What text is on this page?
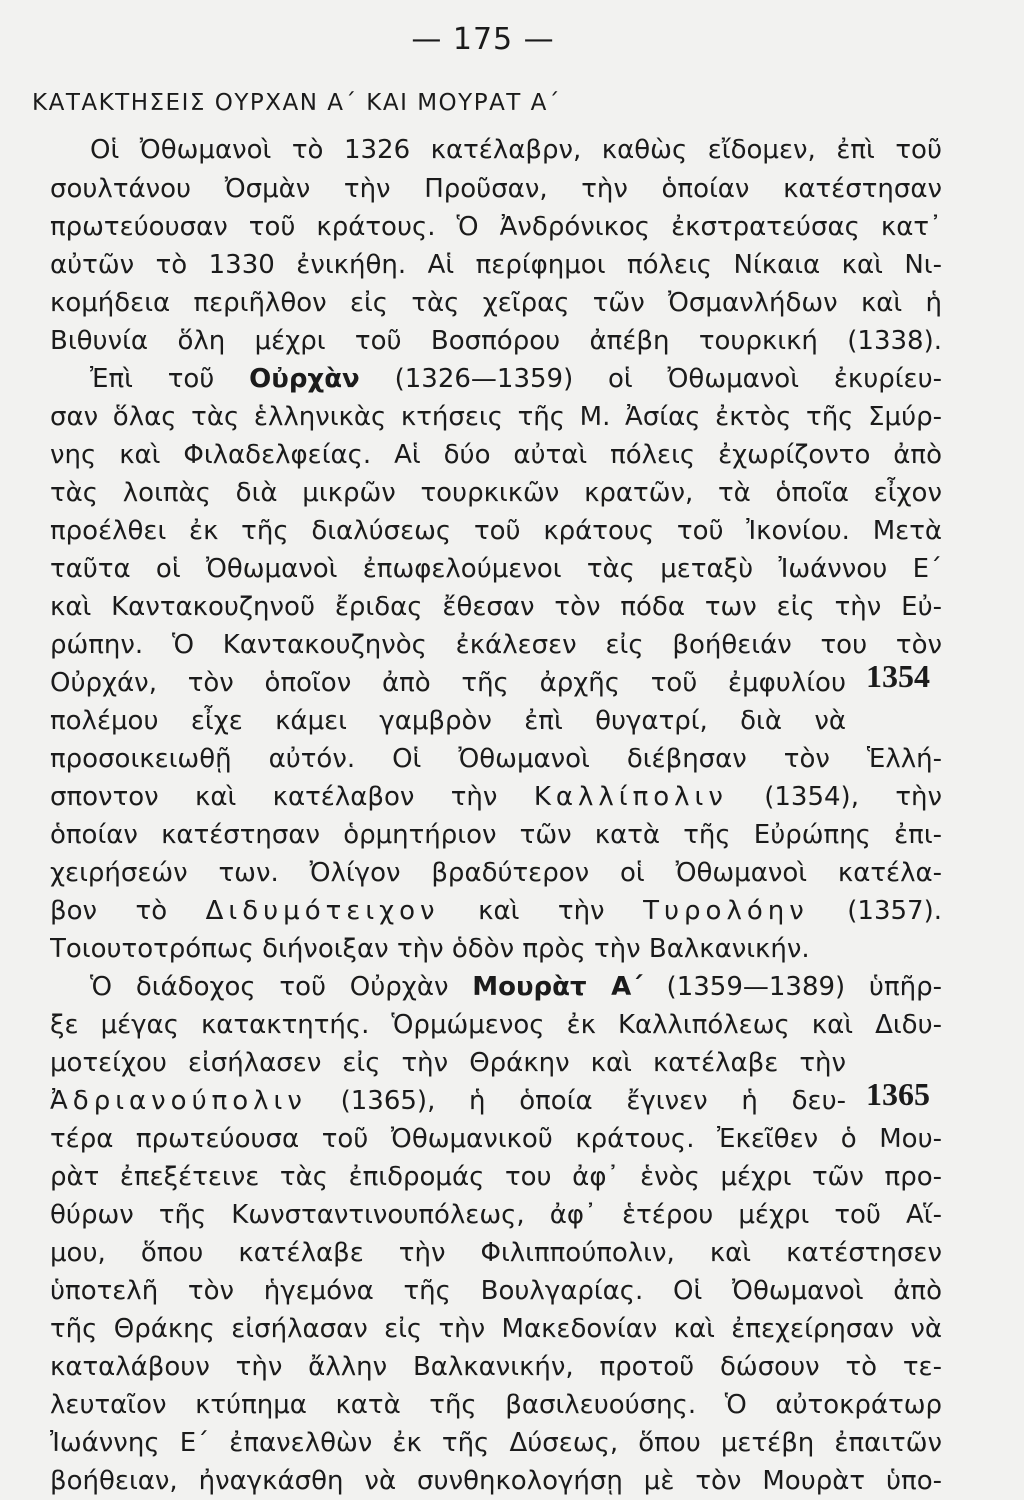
— 175 —
ΚΑΤΑΚΤΗΣΕΙΣ ΟΥΡΧΑΝ Α΄ ΚΑΙ ΜΟΥΡΑΤ Α΄
Οἱ Ὀθωμανοὶ τὸ 1326 κατέλαβρν, καθὼς εἴδομεν, ἐπὶ τοῦ
σουλτάνου Ὀσμὰν τὴν Προῦσαν, τὴν ὁποίαν κατέστησαν
πρωτεύουσαν τοῦ κράτους. Ὁ Ἀνδρόνικος ἐκστρατεύσας κατ᾽
αὐτῶν τὸ 1330 ἐνικήθη. Αἱ περίφημοι πόλεις Νίκαια καὶ Νι-
κομήδεια περιῆλθον εἰς τὰς χεῖρας τῶν Ὀσμανλήδων καὶ ἡ
Βιθυνία ὅλη μέχρι τοῦ Βοσπόρου ἀπέβη τουρκική (1338).
Ἐπὶ τοῦ Οὐρχὰν (1326—1359) οἱ Ὀθωμανοὶ ἐκυρίευ-
σαν ὅλας τὰς ἑλληνικὰς κτήσεις τῆς Μ. Ἀσίας ἐκτὸς τῆς Σμύρ-
νης καὶ Φιλαδελφείας. Αἱ δύο αὐταὶ πόλεις ἐχωρίζοντο ἀπὸ
τὰς λοιπὰς διὰ μικρῶν τουρκικῶν κρατῶν, τὰ ὁποῖα εἶχον
προέλθει ἐκ τῆς διαλύσεως τοῦ κράτους τοῦ Ἰκονίου. Μετὰ
ταῦτα οἱ Ὀθωμανοὶ ἐπωφελούμενοι τὰς μεταξὺ Ἰωάννου Ε΄
καὶ Καντακουζηνοῦ ἔριδας ἔθεσαν τὸν πόδα των εἰς τὴν Εὐ-
ρώπην. Ὁ Καντακουζηνὸς ἐκάλεσεν εἰς βοήθειάν του τὸν
Οὐρχάν, τὸν ὁποῖον ἀπὸ τῆς ἀρχῆς τοῦ ἐμφυλίου
πολέμου εἶχε κάμει γαμβρὸν ἐπὶ θυγατρί, διὰ νὰ
1354
προσοικειωθῇ αὐτόν. Οἱ Ὀθωμανοὶ διέβησαν τὸν Ἑλλή-
σποντον καὶ κατέλαβον τὴν Καλλίπολιν (1354), τὴν
ὁποίαν κατέστησαν ὁρμητήριον τῶν κατὰ τῆς Εὐρώπης ἐπι-
χειρήσεών των. Ὀλίγον βραδύτερον οἱ Ὀθωμανοὶ κατέλα-
βον τὸ Διδυμότειχον καὶ τὴν Τυρολόην (1357).
Τοιουτοτρόπως διήνοιξαν τὴν ὁδὸν πρὸς τὴν Βαλκανικήν.
Ὁ διάδοχος τοῦ Οὐρχὰν Μουρὰτ Α΄ (1359—1389) ὑπῆρ-
ξε μέγας κατακτητής. Ὁρμώμενος ἐκ Καλλιπόλεως καὶ Διδυ-
μοτείχου εἰσήλασεν εἰς τὴν Θράκην καὶ κατέλαβε τὴν
Ἀδριανούπολιν (1365), ἡ ὁποία ἔγινεν ἡ δευ- 1365
τέρα πρωτεύουσα τοῦ Ὀθωμανικοῦ κράτους. Ἐκεῖθεν ὁ Μου-
ρὰτ ἐπεξέτεινε τὰς ἐπιδρομάς του ἀφ᾽ ἑνὸς μέχρι τῶν προ-
θύρων τῆς Κωνσταντινουπόλεως, ἀφ᾽ ἑτέρου μέχρι τοῦ Αἵ-
μου, ὅπου κατέλαβε τὴν Φιλιππούπολιν, καὶ κατέστησεν
ὑποτελῆ τὸν ἡγεμόνα τῆς Βουλγαρίας. Οἱ Ὀθωμανοὶ ἀπὸ
τῆς Θράκης εἰσήλασαν εἰς τὴν Μακεδονίαν καὶ ἐπεχείρησαν νὰ
καταλάβουν τὴν ἄλλην Βαλκανικήν, προτοῦ δώσουν τὸ τε-
λευταῖον κτύπημα κατὰ τῆς βασιλευούσης. Ὁ αὐτοκράτωρ
Ἰωάννης Ε΄ ἐπανελθὼν ἐκ τῆς Δύσεως, ὅπου μετέβη ἐπαιτῶν
βοήθειαν, ἠναγκάσθη νὰ συνθηκολογήσῃ μὲ τὸν Μουρὰτ ὑπο-
